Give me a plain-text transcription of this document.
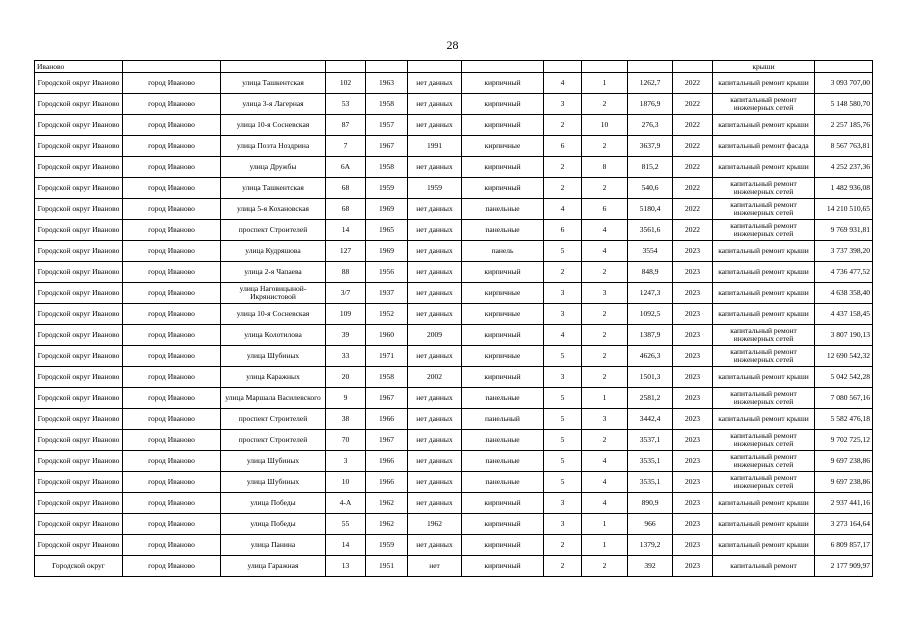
28
Иваново											крыши	
Городской округ Иваново	город Иваново	улица Ташкентская	102	1963	нет данных	кирпичный	4	1	1262,7	2022	капитальный ремонт крыши	3 093 707,00
Городской округ Иваново	город Иваново	улица 3-я Лагерная	53	1958	нет данных	кирпичный	3	2	1876,9	2022	капитальный ремонт инженерных сетей	5 148 580,70
Городской округ Иваново	город Иваново	улица 10-я Сосневская	87	1957	нет данных	кирпичный	2	10	276,3	2022	капитальный ремонт крыши	2 257 185,76
Городской округ Иваново	город Иваново	улица Поэта Ноздрина	7	1967	1991	кирпичные	6	2	3637,9	2022	капитальный ремонт фасада	8 567 763,81
Городской округ Иваново	город Иваново	улица Дружбы	6А	1958	нет данных	кирпичный	2	8	815,2	2022	капитальный ремонт крыши	4 252 237,36
Городской округ Иваново	город Иваново	улица Ташкентская	68	1959	1959	кирпичный	2	2	540,6	2022	капитальный ремонт инженерных сетей	1 482 936,08
Городской округ Иваново	город Иваново	улица 5-я Кохановская	68	1969	нет данных	панельные	4	6	5180,4	2022	капитальный ремонт инженерных сетей	14 210 510,65
Городской округ Иваново	город Иваново	проспект Строителей	14	1965	нет данных	панельные	6	4	3561,6	2022	капитальный ремонт инженерных сетей	9 769 931,81
Городской округ Иваново	город Иваново	улица Кудряшова	127	1969	нет данных	панель	5	4	3554	2023	капитальный ремонт крыши	3 737 398,20
Городской округ Иваново	город Иваново	улица 2-я Чапаева	88	1956	нет данных	кирпичный	2	2	848,9	2023	капитальный ремонт крыши	4 736 477,52
Городской округ Иваново	город Иваново	улица Наговицыной-Икрянистовой	3/7	1937	нет данных	кирпичные	3	3	1247,3	2023	капитальный ремонт крыши	4 638 358,40
Городской округ Иваново	город Иваново	улица 10-я Сосневская	109	1952	нет данных	кирпичные	3	2	1092,5	2023	капитальный ремонт крыши	4 437 158,45
Городской округ Иваново	город Иваново	улица Колотилова	39	1960	2009	кирпичный	4	2	1387,9	2023	капитальный ремонт инженерных сетей	3 807 190,13
Городской округ Иваново	город Иваново	улица Шубиных	33	1971	нет данных	кирпичные	5	2	4626,3	2023	капитальный ремонт инженерных сетей	12 690 542,32
Городской округ Иваново	город Иваново	улица Каражных	20	1958	2002	кирпичный	3	2	1501,3	2023	капитальный ремонт крыши	5 042 542,28
Городской округ Иваново	город Иваново	улица Маршала Василевского	9	1967	нет данных	панельные	5	1	2581,2	2023	капитальный ремонт инженерных сетей	7 080 567,16
Городской округ Иваново	город Иваново	проспект Строителей	38	1966	нет данных	панельный	5	3	3442,4	2023	капитальный ремонт крыши	5 582 476,18
Городской округ Иваново	город Иваново	проспект Строителей	70	1967	нет данных	панельные	5	2	3537,1	2023	капитальный ремонт инженерных сетей	9 702 725,12
Городской округ Иваново	город Иваново	улица Шубиных	3	1966	нет данных	панельные	5	4	3535,1	2023	капитальный ремонт инженерных сетей	9 697 238,86
Городской округ Иваново	город Иваново	улица Шубиных	10	1966	нет данных	панельные	5	4	3535,1	2023	капитальный ремонт инженерных сетей	9 697 238,86
Городской округ Иваново	город Иваново	улица Победы	4-А	1962	нет данных	кирпичный	3	4	890,9	2023	капитальный ремонт крыши	2 937 441,16
Городской округ Иваново	город Иваново	улица Победы	55	1962	1962	кирпичный	3	1	966	2023	капитальный ремонт крыши	3 273 164,64
Городской округ Иваново	город Иваново	улица Панина	14	1959	нет данных	кирпичный	2	1	1379,2	2023	капитальный ремонт крыши	6 809 857,17
Городской округ	город Иваново	улица Гаражная	13	1951	нет	кирпичный	2	2	392	2023	капитальный ремонт	2 177 909,97
